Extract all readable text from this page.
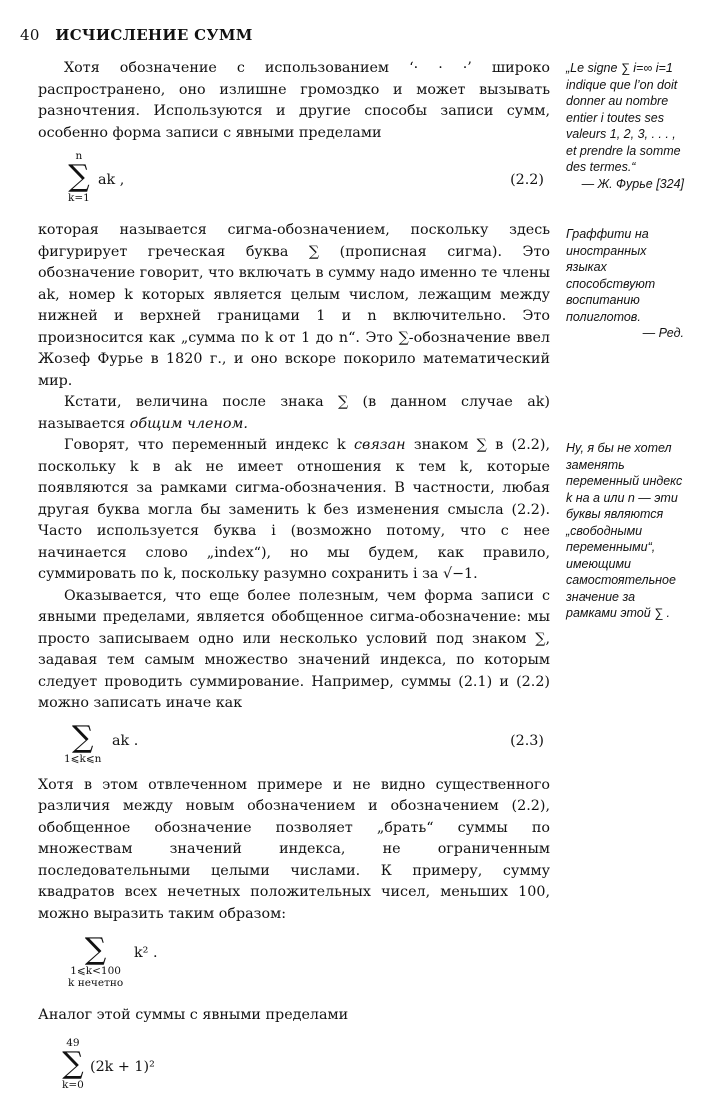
40 ИСЧИСЛЕНИЕ СУММ

Хотя обозначение с использованием ‘· · ·’ широко распространено, оно излишне громоздко и может вызывать разночтения. Используются и другие способы записи сумм, особенно форма записи с явными пределами

n
∑
k=1
ak ,	(2.2)

которая называется сигма-обозначением, поскольку здесь фигурирует греческая буква ∑ (прописная сигма). Это обозначение говорит, что включать в сумму надо именно те члены ak, номер k которых является целым числом, лежащим между нижней и верхней границами 1 и n включительно. Это произносится как „сумма по k от 1 до n“. Это ∑-обозначение ввел Жозеф Фурье в 1820 г., и оно вскоре покорило математический мир.

Кстати, величина после знака ∑ (в данном случае ak) называется общим членом.

Говорят, что переменный индекс k связан знаком ∑ в (2.2), поскольку k в ak не имеет отношения к тем k, которые появляются за рамками сигма-обозначения. В частности, любая другая буква могла бы заменить k без изменения смысла (2.2). Часто используется буква i (возможно потому, что с нее начинается слово „index“), но мы будем, как правило, суммировать по k, поскольку разумно сохранить i за √−1.

Оказывается, что еще более полезным, чем форма записи с явными пределами, является обобщенное сигма-обозначение: мы просто записываем одно или несколько условий под знаком ∑, задавая тем самым множество значений индекса, по которым следует проводить суммирование. Например, суммы (2.1) и (2.2) можно записать иначе как

∑
1⩽k⩽n
ak .	(2.3)

Хотя в этом отвлеченном примере и не видно существенного различия между новым обозначением и обозначением (2.2), обобщенное обозначение позволяет „брать“ суммы по множествам значений индекса, не ограниченным последовательными целыми числами. К примеру, сумму квадратов всех нечетных положительных чисел, меньших 100, можно выразить таким образом:

∑
1⩽k<100
k нечетно
k² .

Аналог этой суммы с явными пределами

49
∑
k=0
(2k + 1)²
„Le signe ∑ i=∞ i=1 indique que l’on doit donner au nombre entier i toutes ses valeurs 1, 2, 3, . . . , et prendre la somme des termes.“
— Ж. Фурье [324]
Граффити на иностранных языках способствуют воспитанию полиглотов.
— Ред.
Ну, я бы не хотел заменять переменный индекс k на a или n — эти буквы являются „свободными переменными“, имеющими самостоятельное значение за рамками этой ∑ .
